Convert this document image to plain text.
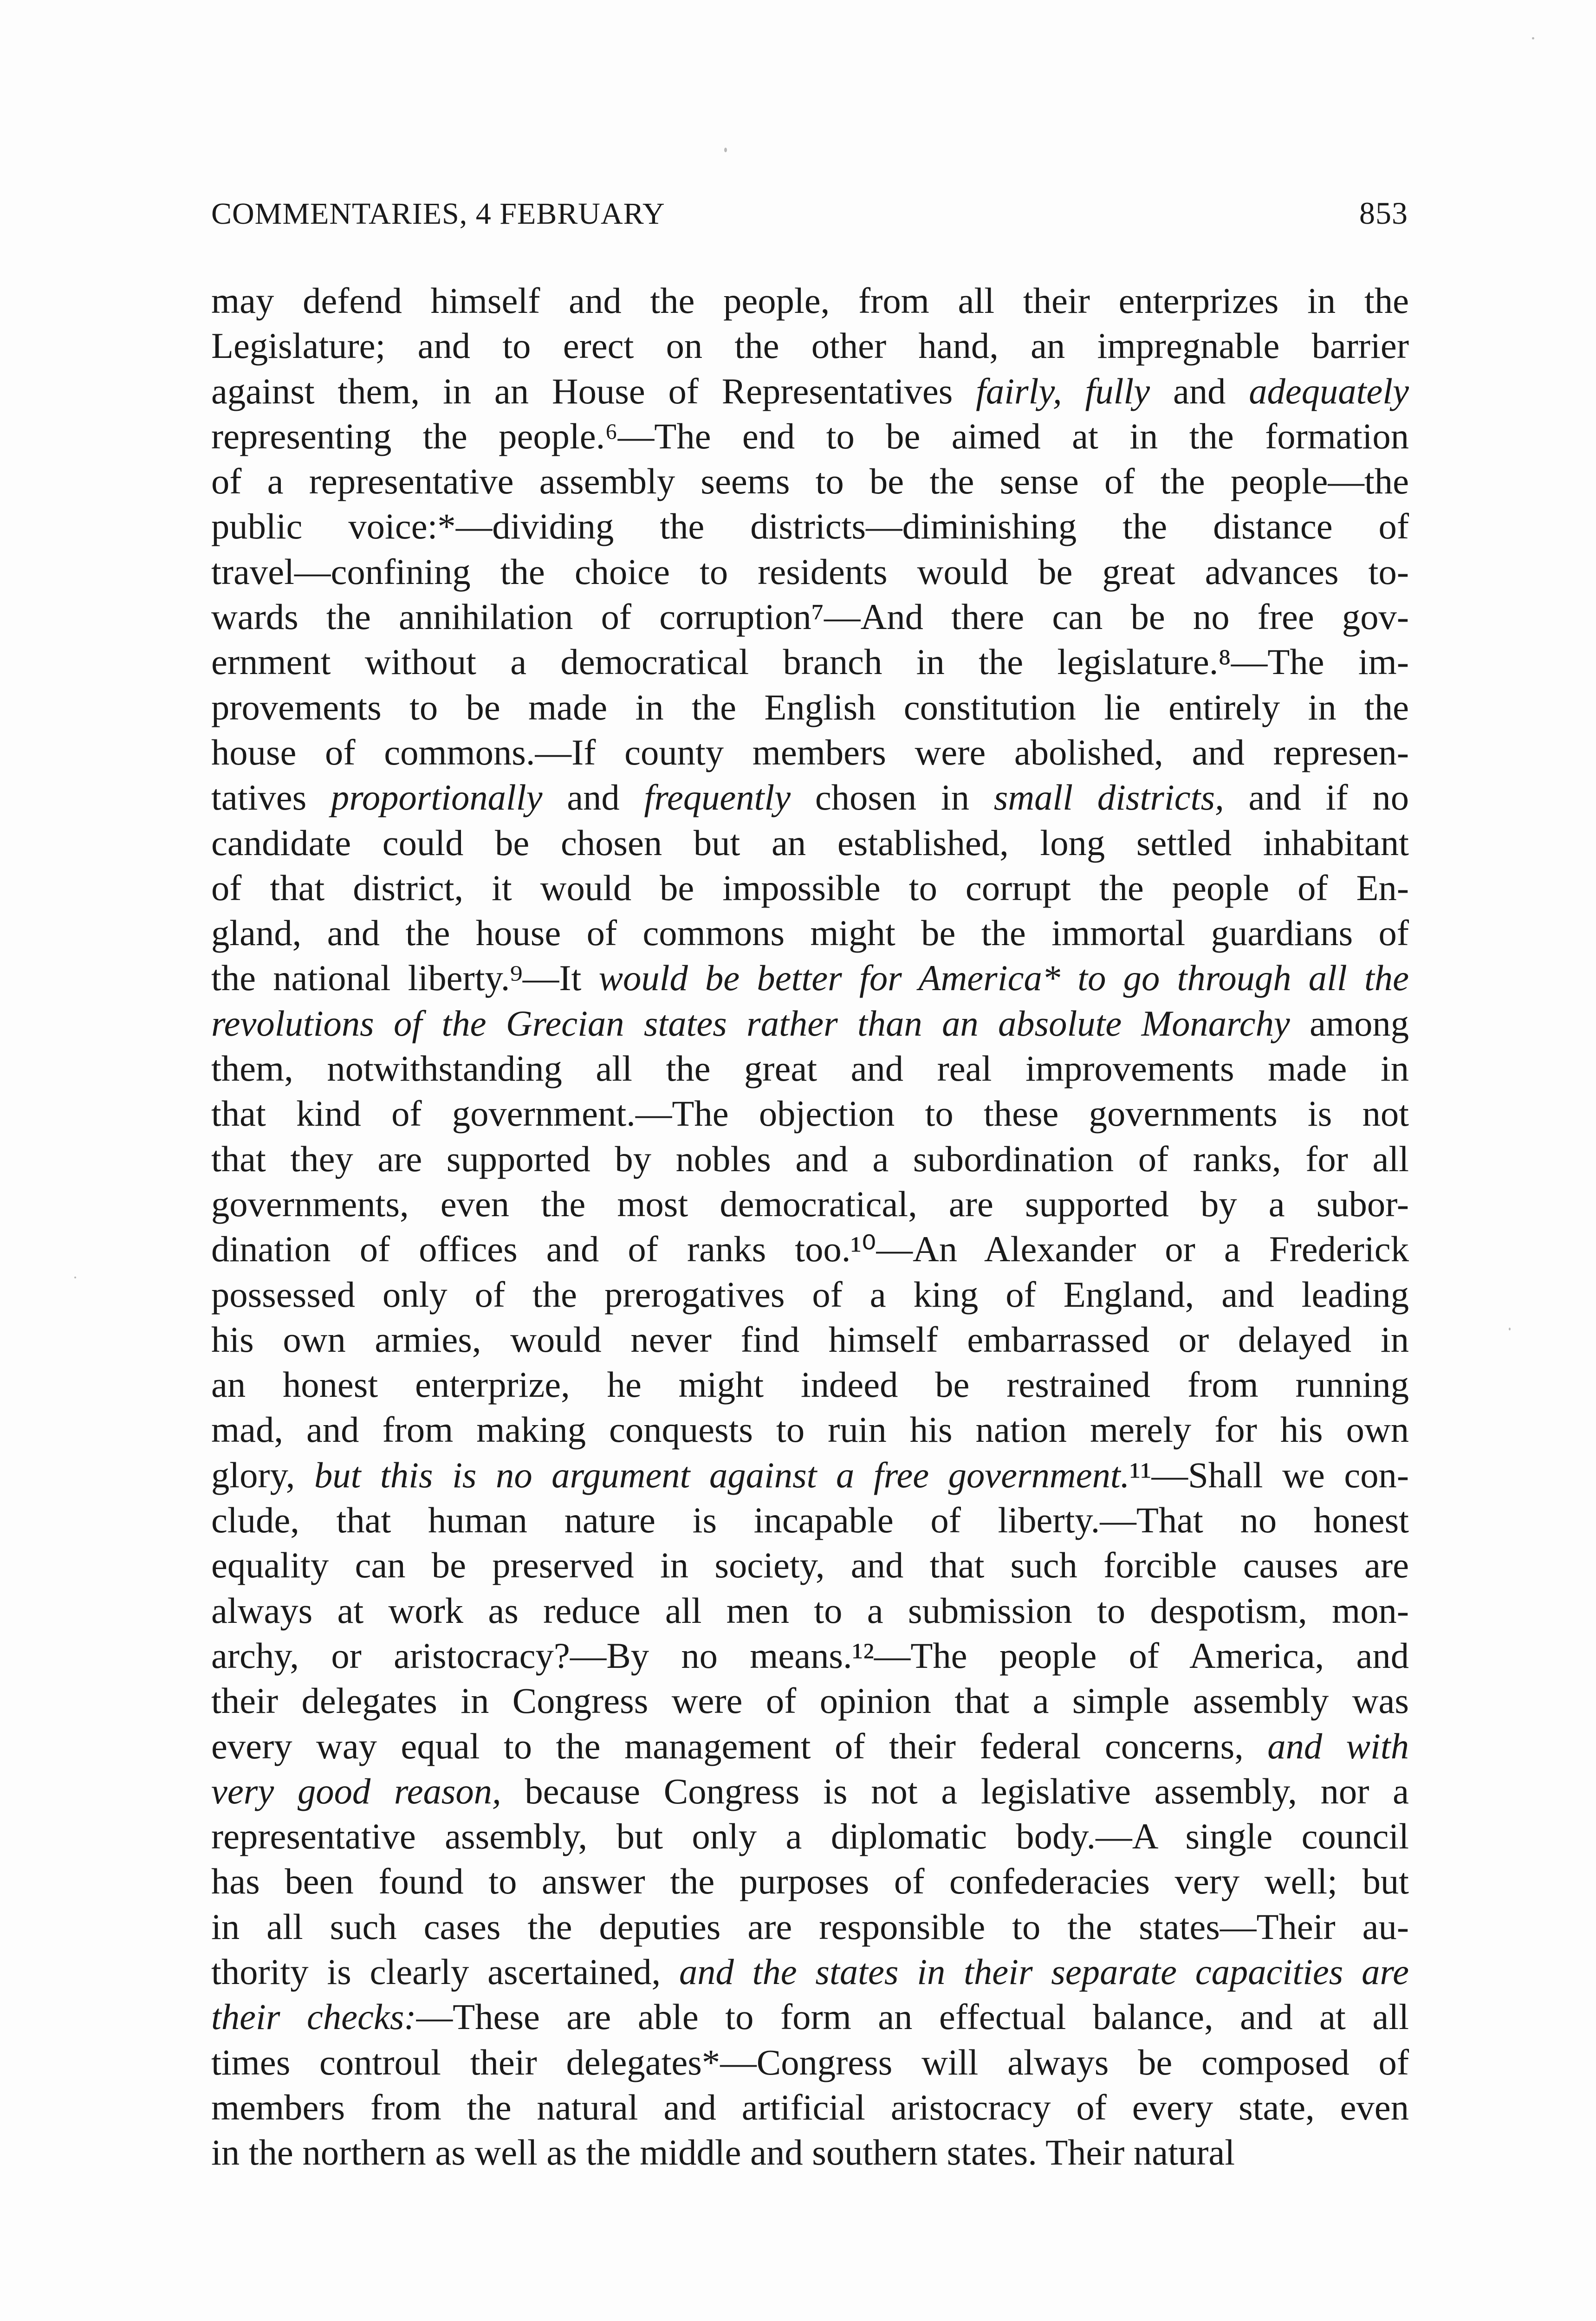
COMMENTARIES, 4 FEBRUARY	853
may defend himself and the people, from all their enterprizes in the
Legislature; and to erect on the other hand, an impregnable barrier
against them, in an House of Representatives fairly, fully and adequately
representing the people.⁶—The end to be aimed at in the formation
of a representative assembly seems to be the sense of the people—the
public voice:*—dividing the districts—diminishing the distance of
travel—confining the choice to residents would be great advances to-
wards the annihilation of corruption⁷—And there can be no free gov-
ernment without a democratical branch in the legislature.⁸—The im-
provements to be made in the English constitution lie entirely in the
house of commons.—If county members were abolished, and represen-
tatives proportionally and frequently chosen in small districts, and if no
candidate could be chosen but an established, long settled inhabitant
of that district, it would be impossible to corrupt the people of En-
gland, and the house of commons might be the immortal guardians of
the national liberty.⁹—It would be better for America* to go through all the
revolutions of the Grecian states rather than an absolute Monarchy among
them, notwithstanding all the great and real improvements made in
that kind of government.—The objection to these governments is not
that they are supported by nobles and a subordination of ranks, for all
governments, even the most democratical, are supported by a subor-
dination of offices and of ranks too.¹⁰—An Alexander or a Frederick
possessed only of the prerogatives of a king of England, and leading
his own armies, would never find himself embarrassed or delayed in
an honest enterprize, he might indeed be restrained from running
mad, and from making conquests to ruin his nation merely for his own
glory, but this is no argument against a free government.¹¹—Shall we con-
clude, that human nature is incapable of liberty.—That no honest
equality can be preserved in society, and that such forcible causes are
always at work as reduce all men to a submission to despotism, mon-
archy, or aristocracy?—By no means.¹²—The people of America, and
their delegates in Congress were of opinion that a simple assembly was
every way equal to the management of their federal concerns, and with
very good reason, because Congress is not a legislative assembly, nor a
representative assembly, but only a diplomatic body.—A single council
has been found to answer the purposes of confederacies very well; but
in all such cases the deputies are responsible to the states—Their au-
thority is clearly ascertained, and the states in their separate capacities are
their checks:—These are able to form an effectual balance, and at all
times controul their delegates*—Congress will always be composed of
members from the natural and artificial aristocracy of every state, even
in the northern as well as the middle and southern states. Their natural
